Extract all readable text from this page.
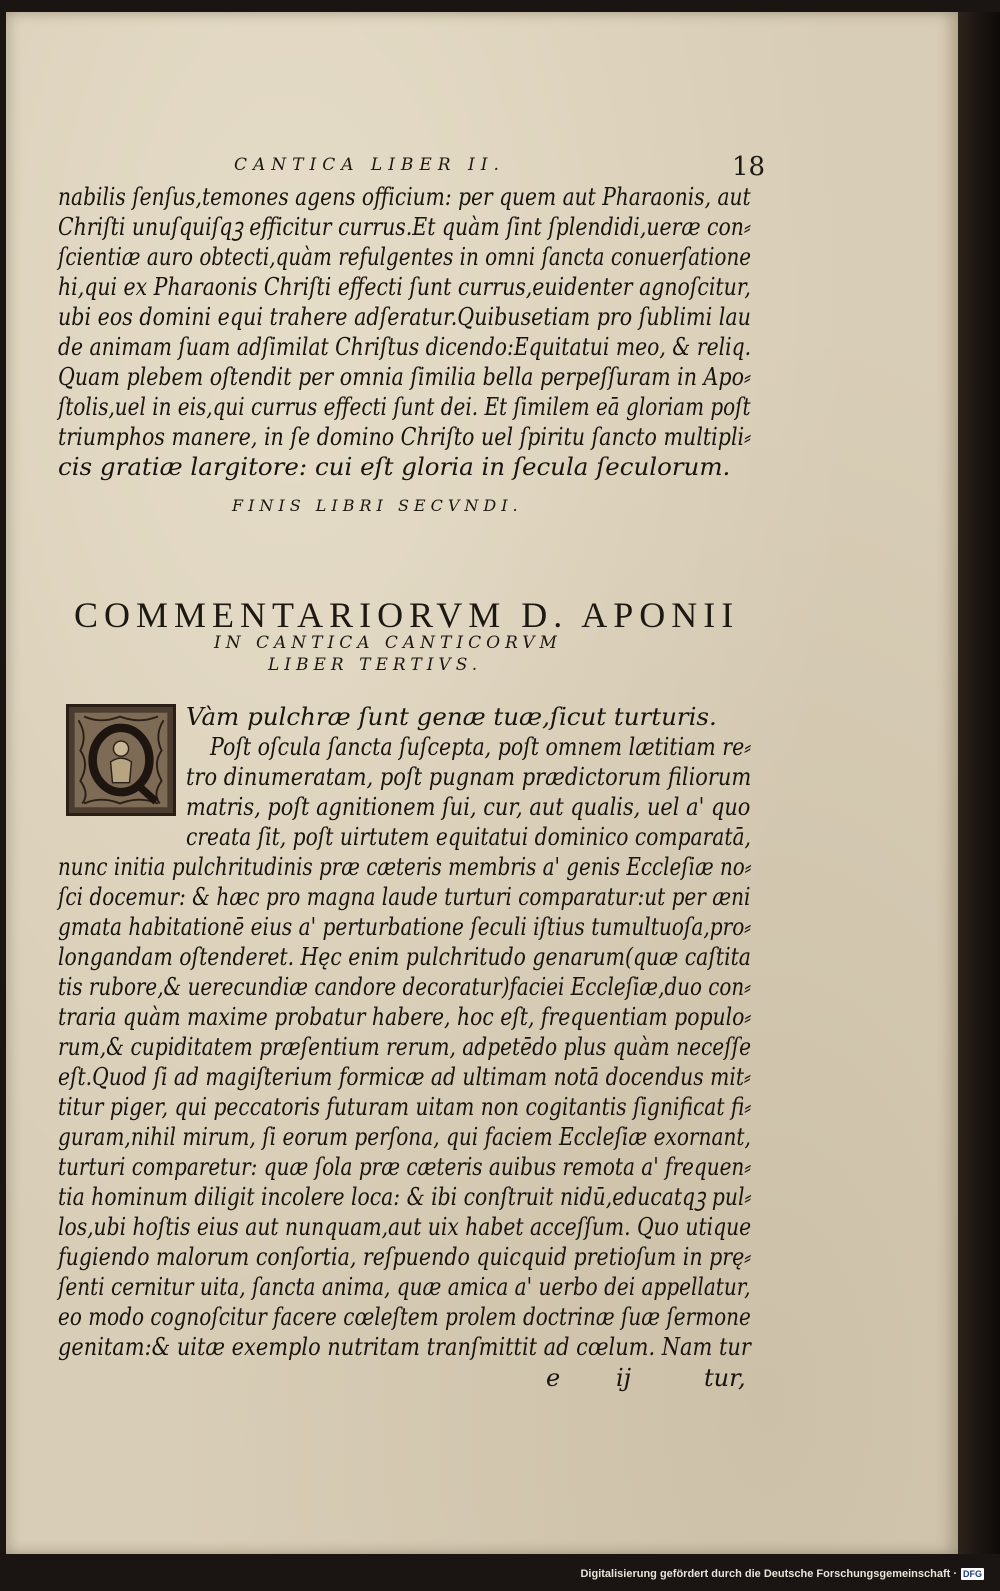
CANTICA LIBER II.	18
nabilis ſenſus,temones agens officium: per quem aut Pharaonis, aut
Chriſti unuſquiſqꝫ efficitur currus.Et quàm ſint ſplendidi,ueræ con⸗
ſcientiæ auro obtecti,quàm refulgentes in omni ſancta conuerſatione
hi,qui ex Pharaonis Chriſti effecti ſunt currus,euidenter agnoſcitur,
ubi eos domini equi trahere adſeratur.Quibusetiam pro ſublimi lau
de animam ſuam adſimilat Chriſtus dicendo:Equitatui meo, & reliq.
Quam plebem oſtendit per omnia ſimilia bella perpeſſuram in Apo⸗
ſtolis,uel in eis,qui currus effecti ſunt dei. Et ſimilem eā gloriam poſt
triumphos manere, in ſe domino Chriſto uel ſpiritu ſancto multipli⸗
cis gratiæ largitore: cui eſt gloria in ſecula ſeculorum.
FINIS LIBRI SECVNDI.
COMMENTARIORVM D. APONII
IN CANTICA CANTICORVM
LIBER TERTIVS.
Vàm pulchræ ſunt genæ tuæ,ſicut turturis.
Poſt oſcula ſancta ſuſcepta, poſt omnem lætitiam re⸗
tro dinumeratam, poſt pugnam prædictorum filiorum
matris, poſt agnitionem ſui, cur, aut qualis, uel a' quo
creata ſit, poſt uirtutem equitatui dominico comparatā,
nunc initia pulchritudinis præ cæteris membris a' genis Eccleſiæ no⸗
ſci docemur: & hæc pro magna laude turturi comparatur:ut per æni
gmata habitationē eius a' perturbatione ſeculi iſtius tumultuoſa,pro⸗
longandam oſtenderet. Hęc enim pulchritudo genarum(quæ caſtita
tis rubore,& uerecundiæ candore decoratur)faciei Eccleſiæ,duo con⸗
traria quàm maxime probatur habere, hoc eſt, frequentiam populo⸗
rum,& cupiditatem præſentium rerum, adpetēdo plus quàm neceſſe
eſt.Quod ſi ad magiſterium formicæ ad ultimam notā docendus mit⸗
titur piger, qui peccatoris futuram uitam non cogitantis ſignificat fi⸗
guram,nihil mirum, ſi eorum perſona, qui faciem Eccleſiæ exornant,
turturi comparetur: quæ ſola præ cæteris auibus remota a' frequen⸗
tia hominum diligit incolere loca: & ibi conſtruit nidū,educatqꝫ pul⸗
los,ubi hoſtis eius aut nunquam,aut uix habet acceſſum. Quo utique
fugiendo malorum conſortia, reſpuendo quicquid pretioſum in prę⸗
ſenti cernitur uita, ſancta anima, quæ amica a' uerbo dei appellatur,
eo modo cognoſcitur facere cœleſtem prolem doctrinæ ſuæ ſermone
genitam:& uitæ exemplo nutritam tranſmittit ad cœlum. Nam tur
e ij	tur,
Digitalisierung gefördert durch die Deutsche Forschungsgemeinschaft · DFG
